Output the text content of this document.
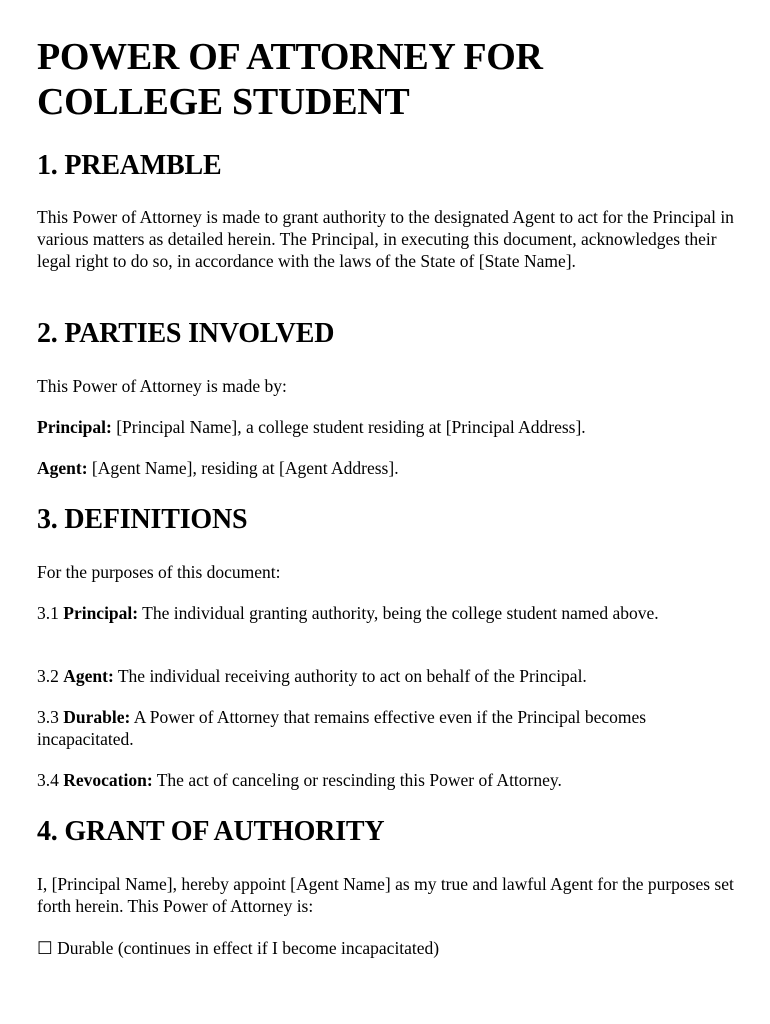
POWER OF ATTORNEY FOR COLLEGE STUDENT
1. PREAMBLE

This Power of Attorney is made to grant authority to the designated Agent to act for the Principal in various matters as detailed herein. The Principal, in executing this document, acknowledges their legal right to do so, in accordance with the laws of the State of [State Name].

2. PARTIES INVOLVED

This Power of Attorney is made by:

Principal: [Principal Name], a college student residing at [Principal Address].

Agent: [Agent Name], residing at [Agent Address].

3. DEFINITIONS

For the purposes of this document:

3.1 Principal: The individual granting authority, being the college student named above.

3.2 Agent: The individual receiving authority to act on behalf of the Principal.

3.3 Durable: A Power of Attorney that remains effective even if the Principal becomes incapacitated.

3.4 Revocation: The act of canceling or rescinding this Power of Attorney.

4. GRANT OF AUTHORITY

I, [Principal Name], hereby appoint [Agent Name] as my true and lawful Agent for the purposes set forth herein. This Power of Attorney is:

☐ Durable (continues in effect if I become incapacitated)
